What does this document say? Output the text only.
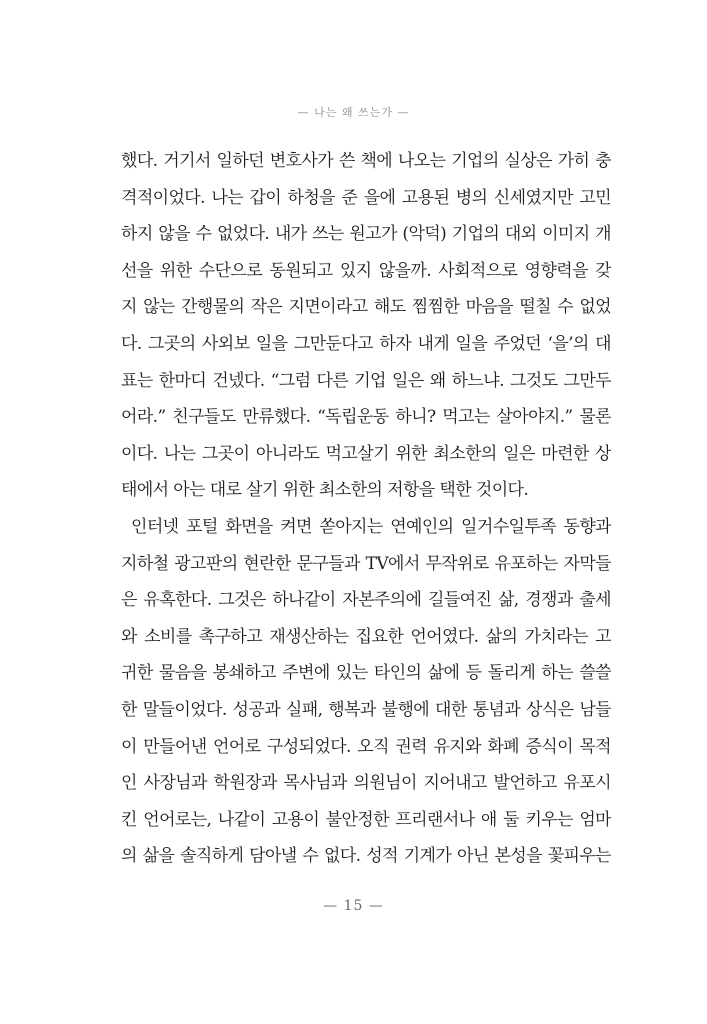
— 나는 왜 쓰는가 —
했다. 거기서 일하던 변호사가 쓴 책에 나오는 기업의 실상은 가히 충
격적이었다. 나는 갑이 하청을 준 을에 고용된 병의 신세였지만 고민
하지 않을 수 없었다. 내가 쓰는 원고가 (악덕) 기업의 대외 이미지 개
선을 위한 수단으로 동원되고 있지 않을까. 사회적으로 영향력을 갖
지 않는 간행물의 작은 지면이라고 해도 찜찜한 마음을 떨칠 수 없었
다. 그곳의 사외보 일을 그만둔다고 하자 내게 일을 주었던 ‘을’의 대
표는 한마디 건넸다. “그럼 다른 기업 일은 왜 하느냐. 그것도 그만두
어라.” 친구들도 만류했다. “독립운동 하니? 먹고는 살아야지.” 물론
이다. 나는 그곳이 아니라도 먹고살기 위한 최소한의 일은 마련한 상
태에서 아는 대로 살기 위한 최소한의 저항을 택한 것이다.
인터넷 포털 화면을 켜면 쏟아지는 연예인의 일거수일투족 동향과
지하철 광고판의 현란한 문구들과 TV에서 무작위로 유포하는 자막들
은 유혹한다. 그것은 하나같이 자본주의에 길들여진 삶, 경쟁과 출세
와 소비를 촉구하고 재생산하는 집요한 언어였다. 삶의 가치라는 고
귀한 물음을 봉쇄하고 주변에 있는 타인의 삶에 등 돌리게 하는 쓸쓸
한 말들이었다. 성공과 실패, 행복과 불행에 대한 통념과 상식은 남들
이 만들어낸 언어로 구성되었다. 오직 권력 유지와 화폐 증식이 목적
인 사장님과 학원장과 목사님과 의원님이 지어내고 발언하고 유포시
킨 언어로는, 나같이 고용이 불안정한 프리랜서나 애 둘 키우는 엄마
의 삶을 솔직하게 담아낼 수 없다. 성적 기계가 아닌 본성을 꽃피우는
— 15 —
